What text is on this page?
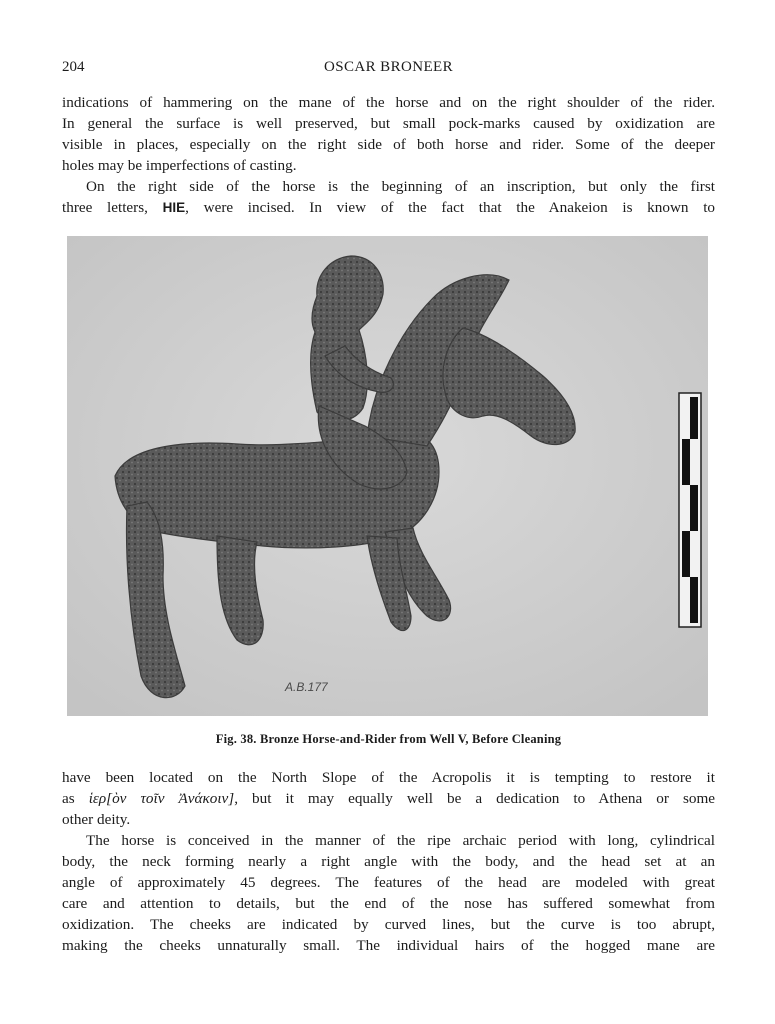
204	OSCAR BRONEER
indications of hammering on the mane of the horse and on the right shoulder of the rider.
In general the surface is well preserved, but small pock-marks caused by oxidization are
visible in places, especially on the right side of both horse and rider. Some of the deeper
holes may be imperfections of casting.
On the right side of the horse is the beginning of an inscription, but only the first
three letters, HIE, were incised. In view of the fact that the Anakeion is known to
A.B.177
Fig. 38. Bronze Horse-and-Rider from Well V, Before Cleaning
have been located on the North Slope of the Acropolis it is tempting to restore it
as ἱερ[ὸν τοῖν Ἀνάκοιν], but it may equally well be a dedication to Athena or some
other deity.
The horse is conceived in the manner of the ripe archaic period with long, cylindrical
body, the neck forming nearly a right angle with the body, and the head set at an
angle of approximately 45 degrees. The features of the head are modeled with great
care and attention to details, but the end of the nose has suffered somewhat from
oxidization. The cheeks are indicated by curved lines, but the curve is too abrupt,
making the cheeks unnaturally small. The individual hairs of the hogged mane are
